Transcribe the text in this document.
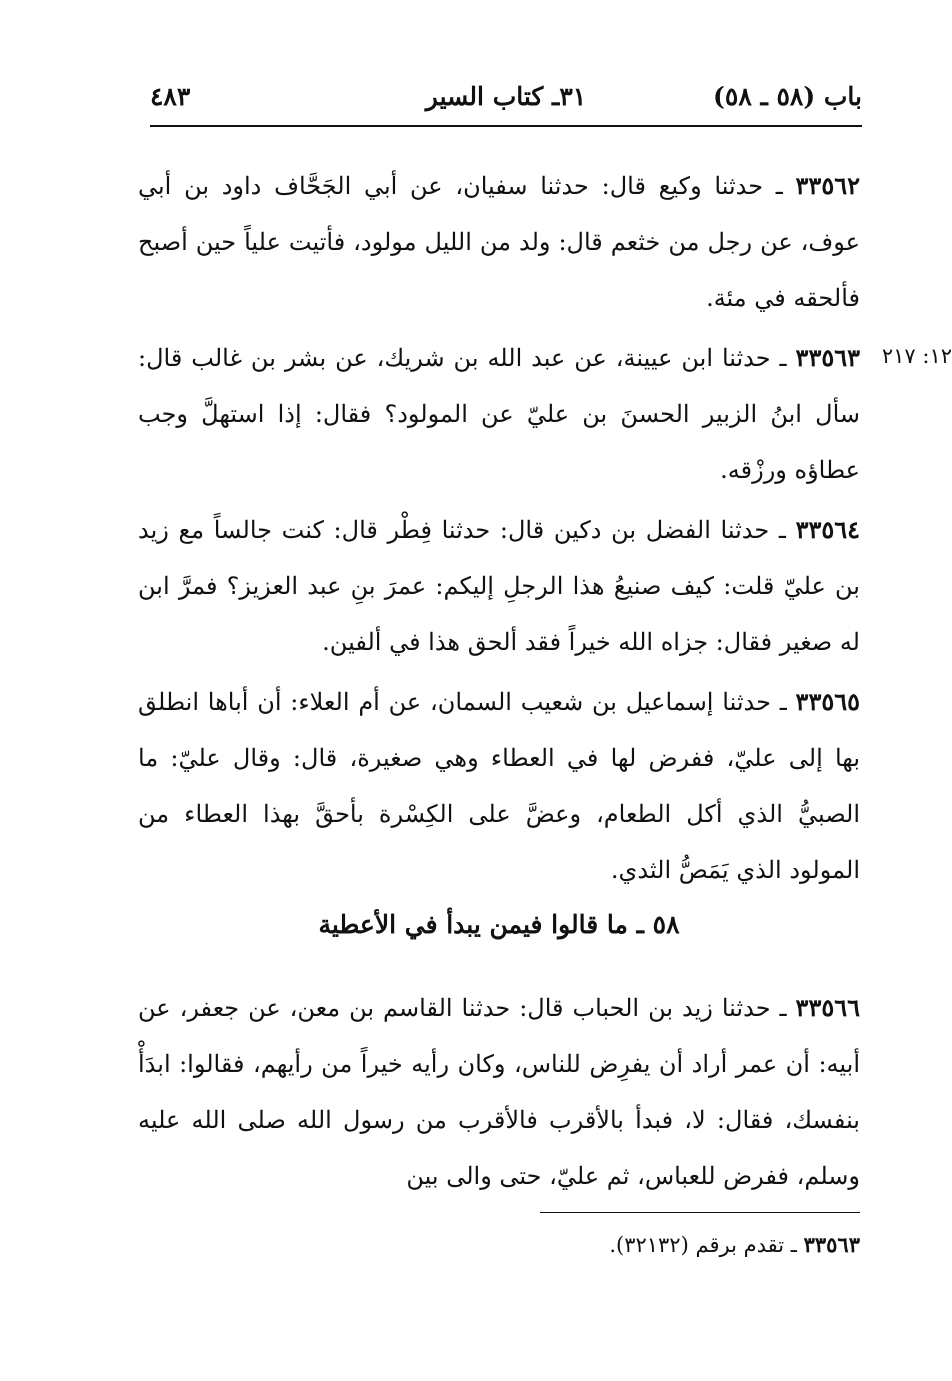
باب (٥٨ ـ ٥٨)
٣١ـ كتاب السير
٤٨٣
١٢: ٢١٧
٣٣٥٦٢ ـ حدثنا وكيع قال: حدثنا سفيان، عن أبي الجَحَّاف داود بن أبي عوف، عن رجل من خثعم قال: ولد من الليل مولود، فأتيت علياً حين أصبح فألحقه في مئة.
٣٣٥٦٣ ـ حدثنا ابن عيينة، عن عبد الله بن شريك، عن بشر بن غالب قال: سأل ابنُ الزبير الحسنَ بن عليّ عن المولود؟ فقال: إذا استهلَّ وجب عطاؤه ورزْقه.
٣٣٥٦٤ ـ حدثنا الفضل بن دكين قال: حدثنا فِطْر قال: كنت جالساً مع زيد بن عليّ قلت: كيف صنيعُ هذا الرجلِ إليكم: عمرَ بنِ عبد العزيز؟ فمرَّ ابن له صغير فقال: جزاه الله خيراً فقد ألحق هذا في ألفين.
٣٣٥٦٥ ـ حدثنا إسماعيل بن شعيب السمان، عن أم العلاء: أن أباها انطلق بها إلى عليّ، ففرض لها في العطاء وهي صغيرة، قال: وقال عليّ: ما الصبيُّ الذي أكل الطعام، وعضَّ على الكِسْرة بأحقَّ بهذا العطاء من المولود الذي يَمَصُّ الثدي.
٥٨ ـ ما قالوا فيمن يبدأ في الأعطية
٣٣٥٦٦ ـ حدثنا زيد بن الحباب قال: حدثنا القاسم بن معن، عن جعفر، عن أبيه: أن عمر أراد أن يفرِض للناس، وكان رأيه خيراً من رأيهم، فقالوا: ابدَأْ بنفسك، فقال: لا، فبدأ بالأقرب فالأقرب من رسول الله صلى الله عليه وسلم، ففرض للعباس، ثم عليّ، حتى والى بين
٣٣٥٦٣ ـ تقدم برقم (٣٢١٣٢).
